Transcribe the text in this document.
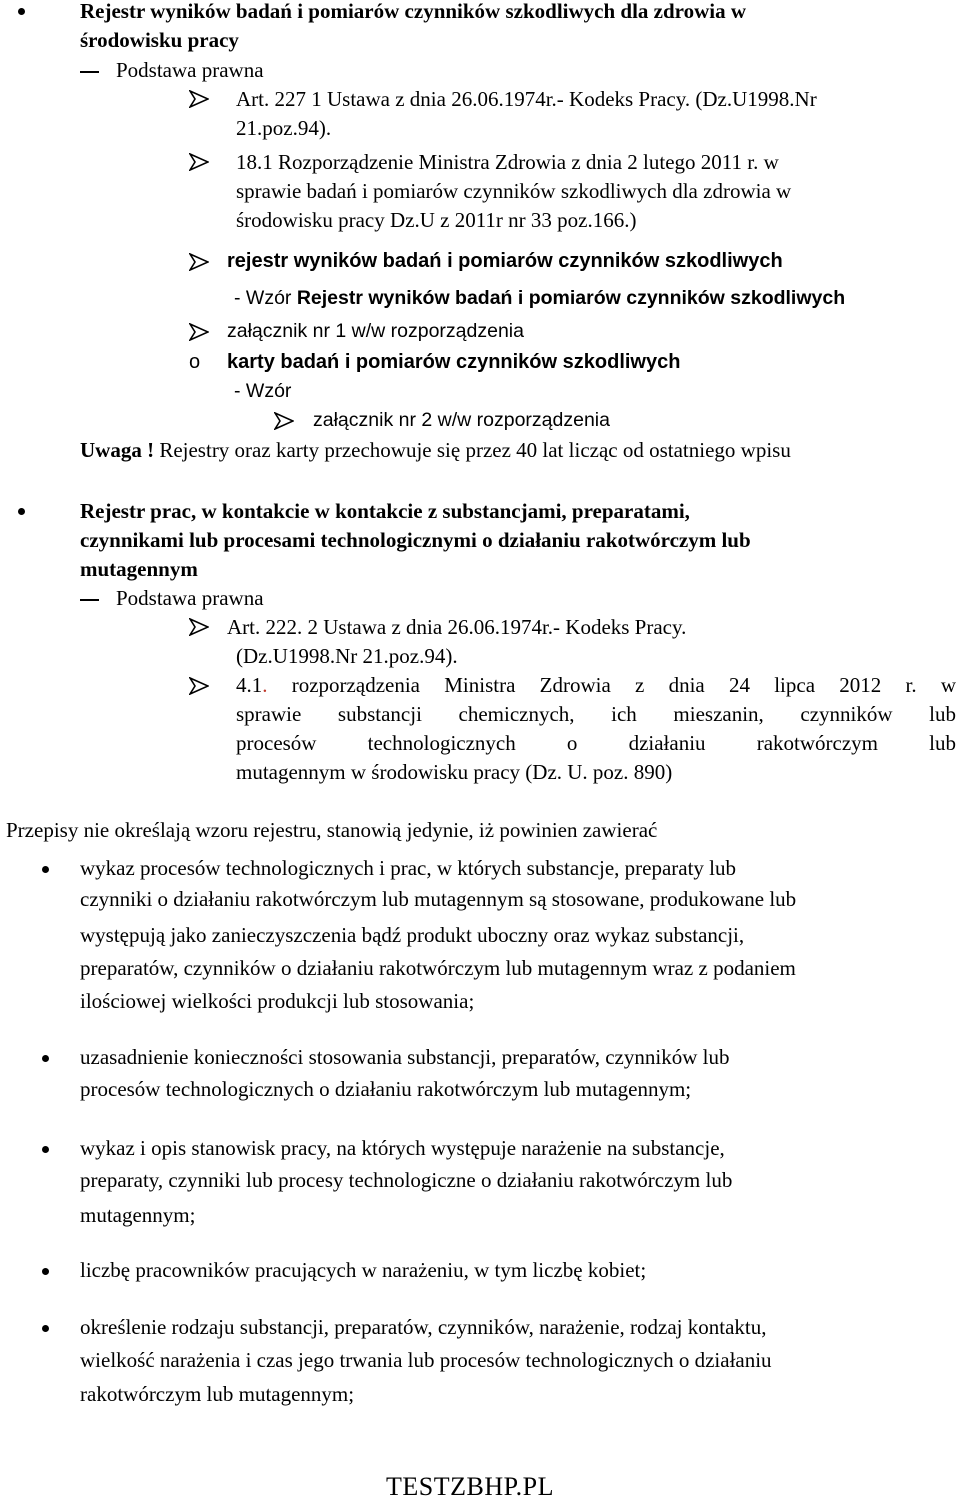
Rejestr wyników badań i pomiarów czynników szkodliwych dla zdrowia w
środowisku pracy
Podstawa prawna
Art. 227 1 Ustawa z dnia 26.06.1974r.- Kodeks Pracy. (Dz.U1998.Nr
21.poz.94).
18.1 Rozporządzenie Ministra Zdrowia z dnia 2 lutego 2011 r. w
sprawie badań i pomiarów czynników szkodliwych dla zdrowia w
środowisku pracy Dz.U z 2011r nr 33 poz.166.)
rejestr wyników badań i pomiarów czynników szkodliwych
- Wzór Rejestr wyników badań i pomiarów czynników szkodliwych
załącznik nr 1 w/w rozporządzenia
o karty badań i pomiarów czynników szkodliwych
- Wzór
załącznik nr 2 w/w rozporządzenia
Uwaga ! Rejestry oraz karty przechowuje się przez 40 lat licząc od ostatniego wpisu
Rejestr prac, w kontakcie w kontakcie z substancjami, preparatami,
czynnikami lub procesami technologicznymi o działaniu rakotwórczym lub
mutagennym
Podstawa prawna
Art. 222. 2 Ustawa z dnia 26.06.1974r.- Kodeks Pracy.
(Dz.U1998.Nr 21.poz.94).
4.1. rozporządzenia Ministra Zdrowia z dnia 24 lipca 2012 r. w
sprawie substancji chemicznych, ich mieszanin, czynników lub
procesów technologicznych o działaniu rakotwórczym lub
mutagennym w środowisku pracy (Dz. U. poz. 890)
Przepisy nie określają wzoru rejestru, stanowią jedynie, iż powinien zawierać
wykaz procesów technologicznych i prac, w których substancje, preparaty lub
czynniki o działaniu rakotwórczym lub mutagennym są stosowane, produkowane lub
występują jako zanieczyszczenia bądź produkt uboczny oraz wykaz substancji,
preparatów, czynników o działaniu rakotwórczym lub mutagennym wraz z podaniem
ilościowej wielkości produkcji lub stosowania;
uzasadnienie konieczności stosowania substancji, preparatów, czynników lub
procesów technologicznych o działaniu rakotwórczym lub mutagennym;
wykaz i opis stanowisk pracy, na których występuje narażenie na substancje,
preparaty, czynniki lub procesy technologiczne o działaniu rakotwórczym lub
mutagennym;
liczbę pracowników pracujących w narażeniu, w tym liczbę kobiet;
określenie rodzaju substancji, preparatów, czynników, narażenie, rodzaj kontaktu,
wielkość narażenia i czas jego trwania lub procesów technologicznych o działaniu
rakotwórczym lub mutagennym;
TESTZBHP.PL
